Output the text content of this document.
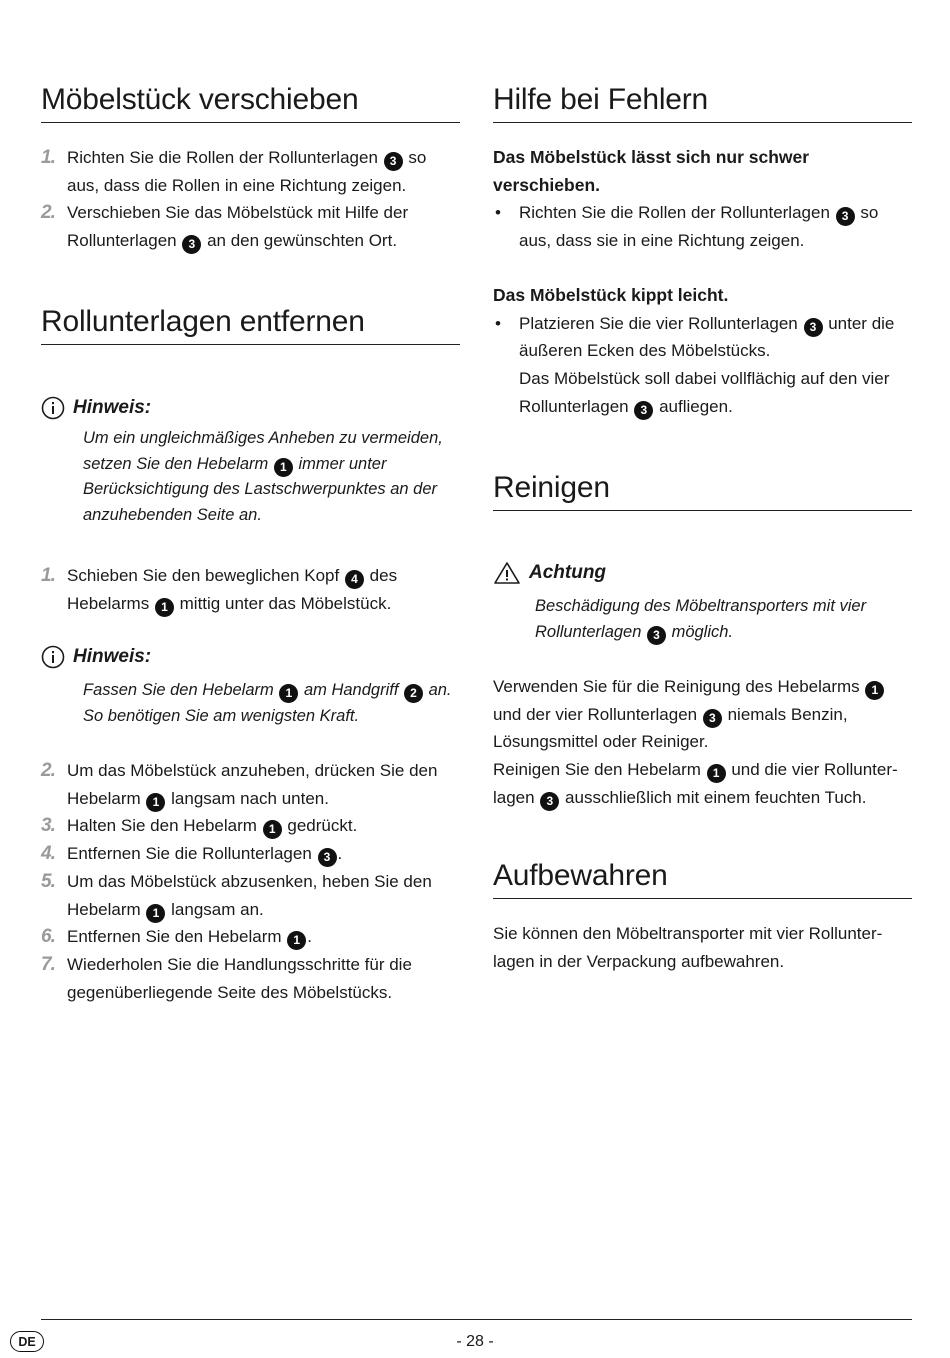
Möbelstück verschieben
1. Richten Sie die Rollen der Rollunterlagen 3 so aus, dass die Rollen in eine Richtung zeigen.
2. Verschieben Sie das Möbelstück mit Hilfe der Rollunterlagen 3 an den gewünschten Ort.
Rollunterlagen entfernen
Hinweis:
Um ein ungleichmäßiges Anheben zu vermeiden, setzen Sie den Hebelarm 1 immer unter Berücksichtigung des Lastschwerpunktes an der anzuhebenden Seite an.
1. Schieben Sie den beweglichen Kopf 4 des Hebelarms 1 mittig unter das Möbelstück.
Hinweis:
Fassen Sie den Hebelarm 1 am Handgriff 2 an. So benötigen Sie am wenigsten Kraft.
2. Um das Möbelstück anzuheben, drücken Sie den Hebelarm 1 langsam nach unten.
3. Halten Sie den Hebelarm 1 gedrückt.
4. Entfernen Sie die Rollunterlagen 3 .
5. Um das Möbelstück abzusenken, heben Sie den Hebelarm 1 langsam an.
6. Entfernen Sie den Hebelarm 1 .
7. Wiederholen Sie die Handlungsschritte für die gegenüberliegende Seite des Möbelstücks.
Hilfe bei Fehlern

Das Möbelstück lässt sich nur schwer verschieben.

• Richten Sie die Rollen der Rollunterlagen 3 so aus, dass sie in eine Richtung zeigen.

Das Möbelstück kippt leicht.

• Platzieren Sie die vier Rollunterlagen 3 unter die äußeren Ecken des Möbelstücks.
Das Möbelstück soll dabei vollflächig auf den vier Rollunterlagen 3 aufliegen.
Reinigen
Achtung
Beschädigung des Möbeltransporters mit vier Rollunterlagen 3 möglich.

Verwenden Sie für die Reinigung des Hebelarms 1 und der vier Rollunterlagen 3 niemals Benzin, Lösungsmittel oder Reiniger.
Reinigen Sie den Hebelarm 1 und die vier Rollunter-lagen 3 ausschließlich mit einem feuchten Tuch.

Aufbewahren

Sie können den Möbeltransporter mit vier Rollunter-lagen in der Verpackung aufbewahren.

DE	- 28 -
